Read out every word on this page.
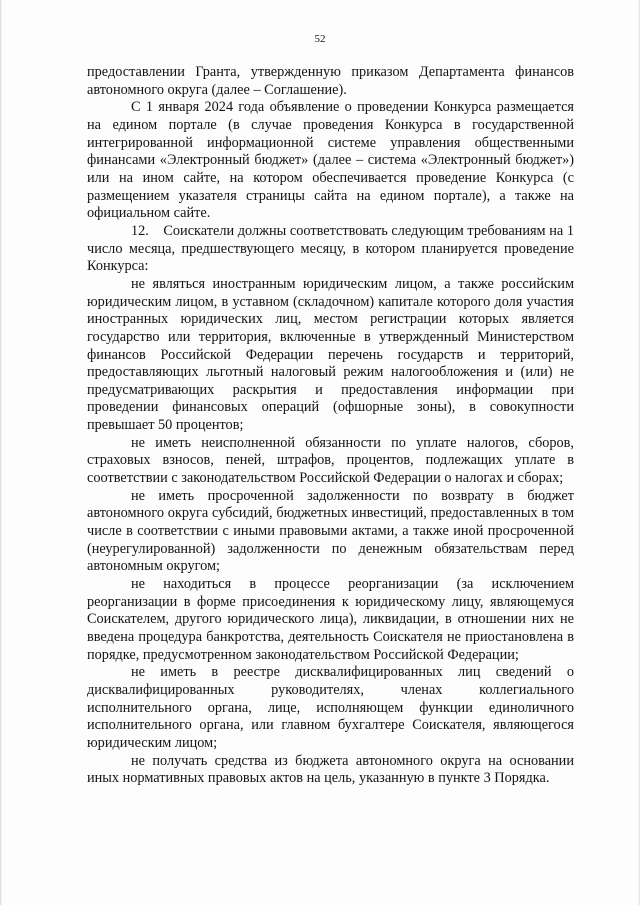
52

предоставлении Гранта, утвержденную приказом Департамента финансов автономного округа (далее – Соглашение).

С 1 января 2024 года объявление о проведении Конкурса размещается на едином портале (в случае проведения Конкурса в государственной интегрированной информационной системе управления общественными финансами «Электронный бюджет» (далее – система «Электронный бюджет») или на ином сайте, на котором обеспечивается проведение Конкурса (с размещением указателя страницы сайта на едином портале), а также на официальном сайте.

12.    Соискатели должны соответствовать следующим требованиям на 1 число месяца, предшествующего месяцу, в котором планируется проведение Конкурса:

не являться иностранным юридическим лицом, а также российским юридическим лицом, в уставном (складочном) капитале которого доля участия иностранных юридических лиц, местом регистрации которых является государство или территория, включенные в утвержденный Министерством финансов Российской Федерации перечень государств и территорий, предоставляющих льготный налоговый режим налогообложения и (или) не предусматривающих раскрытия и предоставления информации при проведении финансовых операций (офшорные зоны), в совокупности превышает 50 процентов;

не иметь неисполненной обязанности по уплате налогов, сборов, страховых взносов, пеней, штрафов, процентов, подлежащих уплате в соответствии с законодательством Российской Федерации о налогах и сборах;

не иметь просроченной задолженности по возврату в бюджет автономного округа субсидий, бюджетных инвестиций, предоставленных в том числе в соответствии с иными правовыми актами, а также иной просроченной (неурегулированной) задолженности по денежным обязательствам перед автономным округом;

не находиться в процессе реорганизации (за исключением реорганизации в форме присоединения к юридическому лицу, являющемуся Соискателем, другого юридического лица), ликвидации, в отношении них не введена процедура банкротства, деятельность Соискателя не приостановлена в порядке, предусмотренном законодательством Российской Федерации;

не иметь в реестре дисквалифицированных лиц сведений о дисквалифицированных руководителях, членах коллегиального исполнительного органа, лице, исполняющем функции единоличного исполнительного органа, или главном бухгалтере Соискателя, являющегося юридическим лицом;

не получать средства из бюджета автономного округа на основании иных нормативных правовых актов на цель, указанную в пункте 3 Порядка.
